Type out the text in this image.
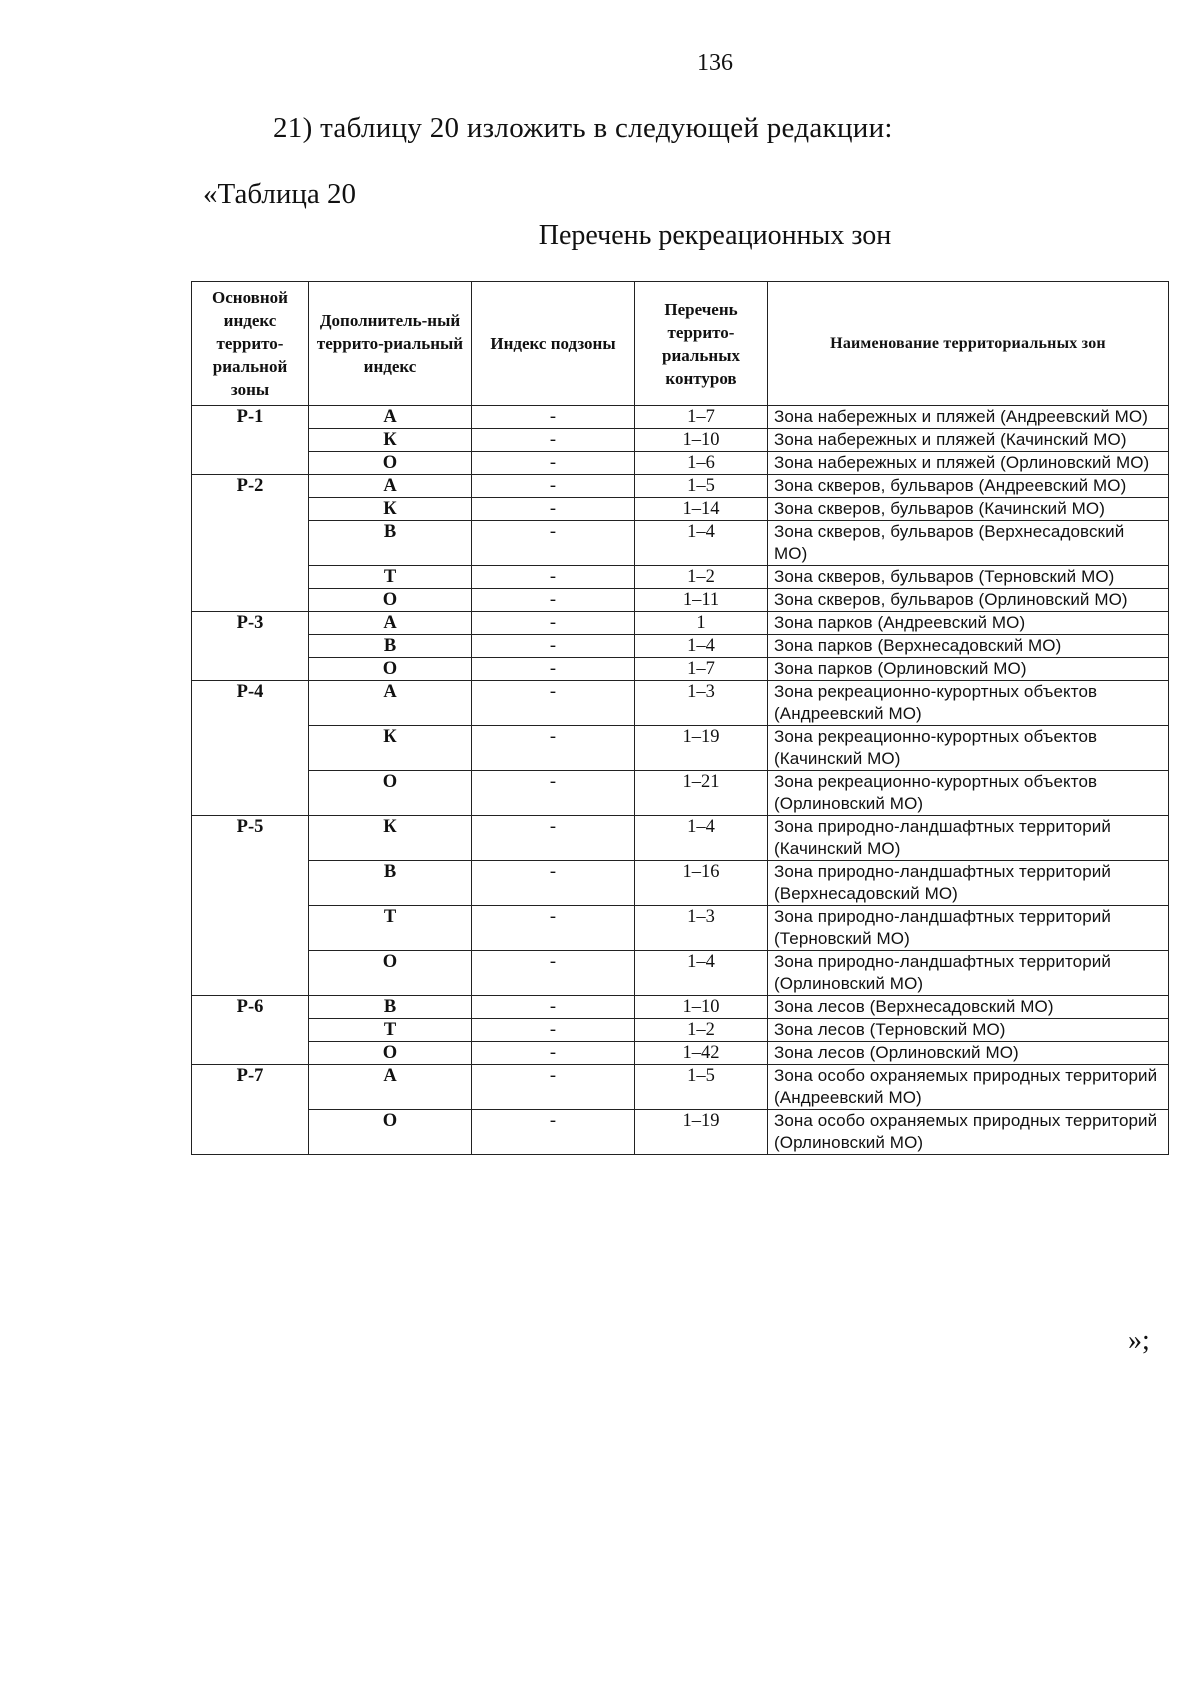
136
21) таблицу 20 изложить в следующей редакции:
«Таблица 20
Перечень рекреационных зон
Основной индекс террито-риальной зоны	Дополнитель-ный террито-риальный индекс	Индекс подзоны	Перечень террито-риальных контуров	Наименование территориальных зон
Р-1	А	-	1–7	Зона набережных и пляжей (Андреевский МО)
	К	-	1–10	Зона набережных и пляжей (Качинский МО)
	О	-	1–6	Зона набережных и пляжей (Орлиновский МО)
Р-2	А	-	1–5	Зона скверов, бульваров (Андреевский МО)
	К	-	1–14	Зона скверов, бульваров (Качинский МО)
	В	-	1–4	Зона скверов, бульваров (Верхнесадовский МО)
	Т	-	1–2	Зона скверов, бульваров (Терновский МО)
	О	-	1–11	Зона скверов, бульваров (Орлиновский МО)
Р-3	А	-	1	Зона парков (Андреевский МО)
	В	-	1–4	Зона парков (Верхнесадовский МО)
	О	-	1–7	Зона парков (Орлиновский МО)
Р-4	А	-	1–3	Зона рекреационно-курортных объектов (Андреевский МО)
	К	-	1–19	Зона рекреационно-курортных объектов (Качинский МО)
	О	-	1–21	Зона рекреационно-курортных объектов (Орлиновский МО)
Р-5	К	-	1–4	Зона природно-ландшафтных территорий (Качинский МО)
	В	-	1–16	Зона природно-ландшафтных территорий (Верхнесадовский МО)
	Т	-	1–3	Зона природно-ландшафтных территорий (Терновский МО)
	О	-	1–4	Зона природно-ландшафтных территорий (Орлиновский МО)
Р-6	В	-	1–10	Зона лесов (Верхнесадовский МО)
	Т	-	1–2	Зона лесов (Терновский МО)
	О	-	1–42	Зона лесов (Орлиновский МО)
Р-7	А	-	1–5	Зона особо охраняемых природных территорий (Андреевский МО)
	О	-	1–19	Зона особо охраняемых природных территорий (Орлиновский МО)
»;
